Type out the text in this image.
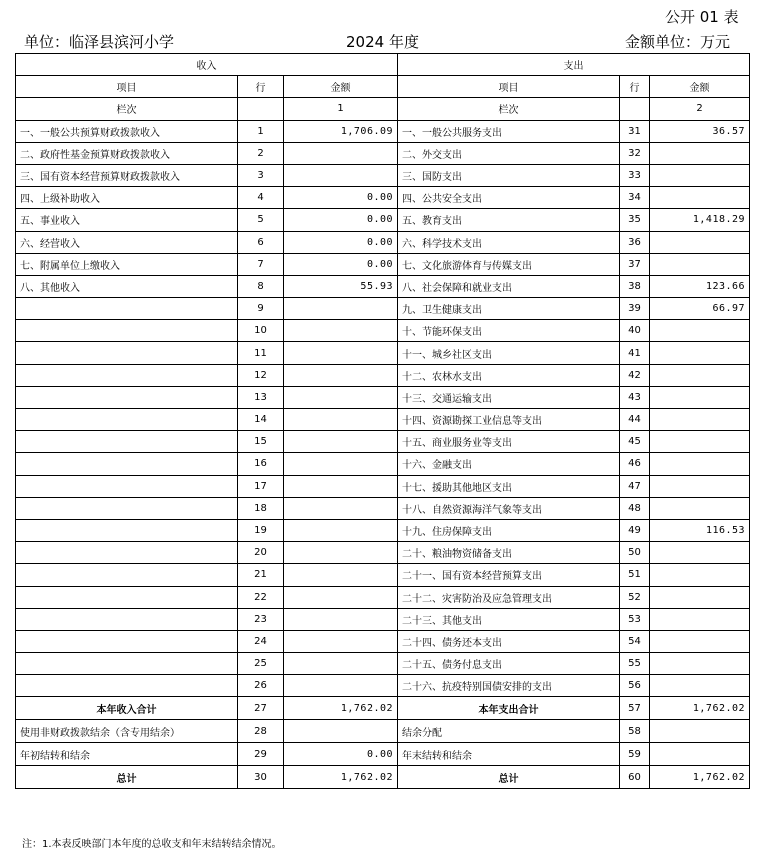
公开 01 表
单位：临泽县滨河小学	2024 年度	金额单位：万元
收入			支出		
项目	行	金额	项目	行	金额
栏次		1	栏次		2
一、一般公共预算财政拨款收入	1	1,706.09	一、一般公共服务支出	31	36.57
二、政府性基金预算财政拨款收入	2		二、外交支出	32	
三、国有资本经营预算财政拨款收入	3		三、国防支出	33	
四、上级补助收入	4	0.00	四、公共安全支出	34	
五、事业收入	5	0.00	五、教育支出	35	1,418.29
六、经营收入	6	0.00	六、科学技术支出	36	
七、附属单位上缴收入	7	0.00	七、文化旅游体育与传媒支出	37	
八、其他收入	8	55.93	八、社会保障和就业支出	38	123.66
	9		九、卫生健康支出	39	66.97
	10		十、节能环保支出	40	
	11		十一、城乡社区支出	41	
	12		十二、农林水支出	42	
	13		十三、交通运输支出	43	
	14		十四、资源勘探工业信息等支出	44	
	15		十五、商业服务业等支出	45	
	16		十六、金融支出	46	
	17		十七、援助其他地区支出	47	
	18		十八、自然资源海洋气象等支出	48	
	19		十九、住房保障支出	49	116.53
	20		二十、粮油物资储备支出	50	
	21		二十一、国有资本经营预算支出	51	
	22		二十二、灾害防治及应急管理支出	52	
	23		二十三、其他支出	53	
	24		二十四、债务还本支出	54	
	25		二十五、债务付息支出	55	
	26		二十六、抗疫特别国债安排的支出	56	
本年收入合计	27	1,762.02	本年支出合计	57	1,762.02
使用非财政拨款结余（含专用结余）	28		结余分配	58	
年初结转和结余	29	0.00	年末结转和结余	59	
总计	30	1,762.02	总计	60	1,762.02
注：1.本表反映部门本年度的总收支和年末结转结余情况。
